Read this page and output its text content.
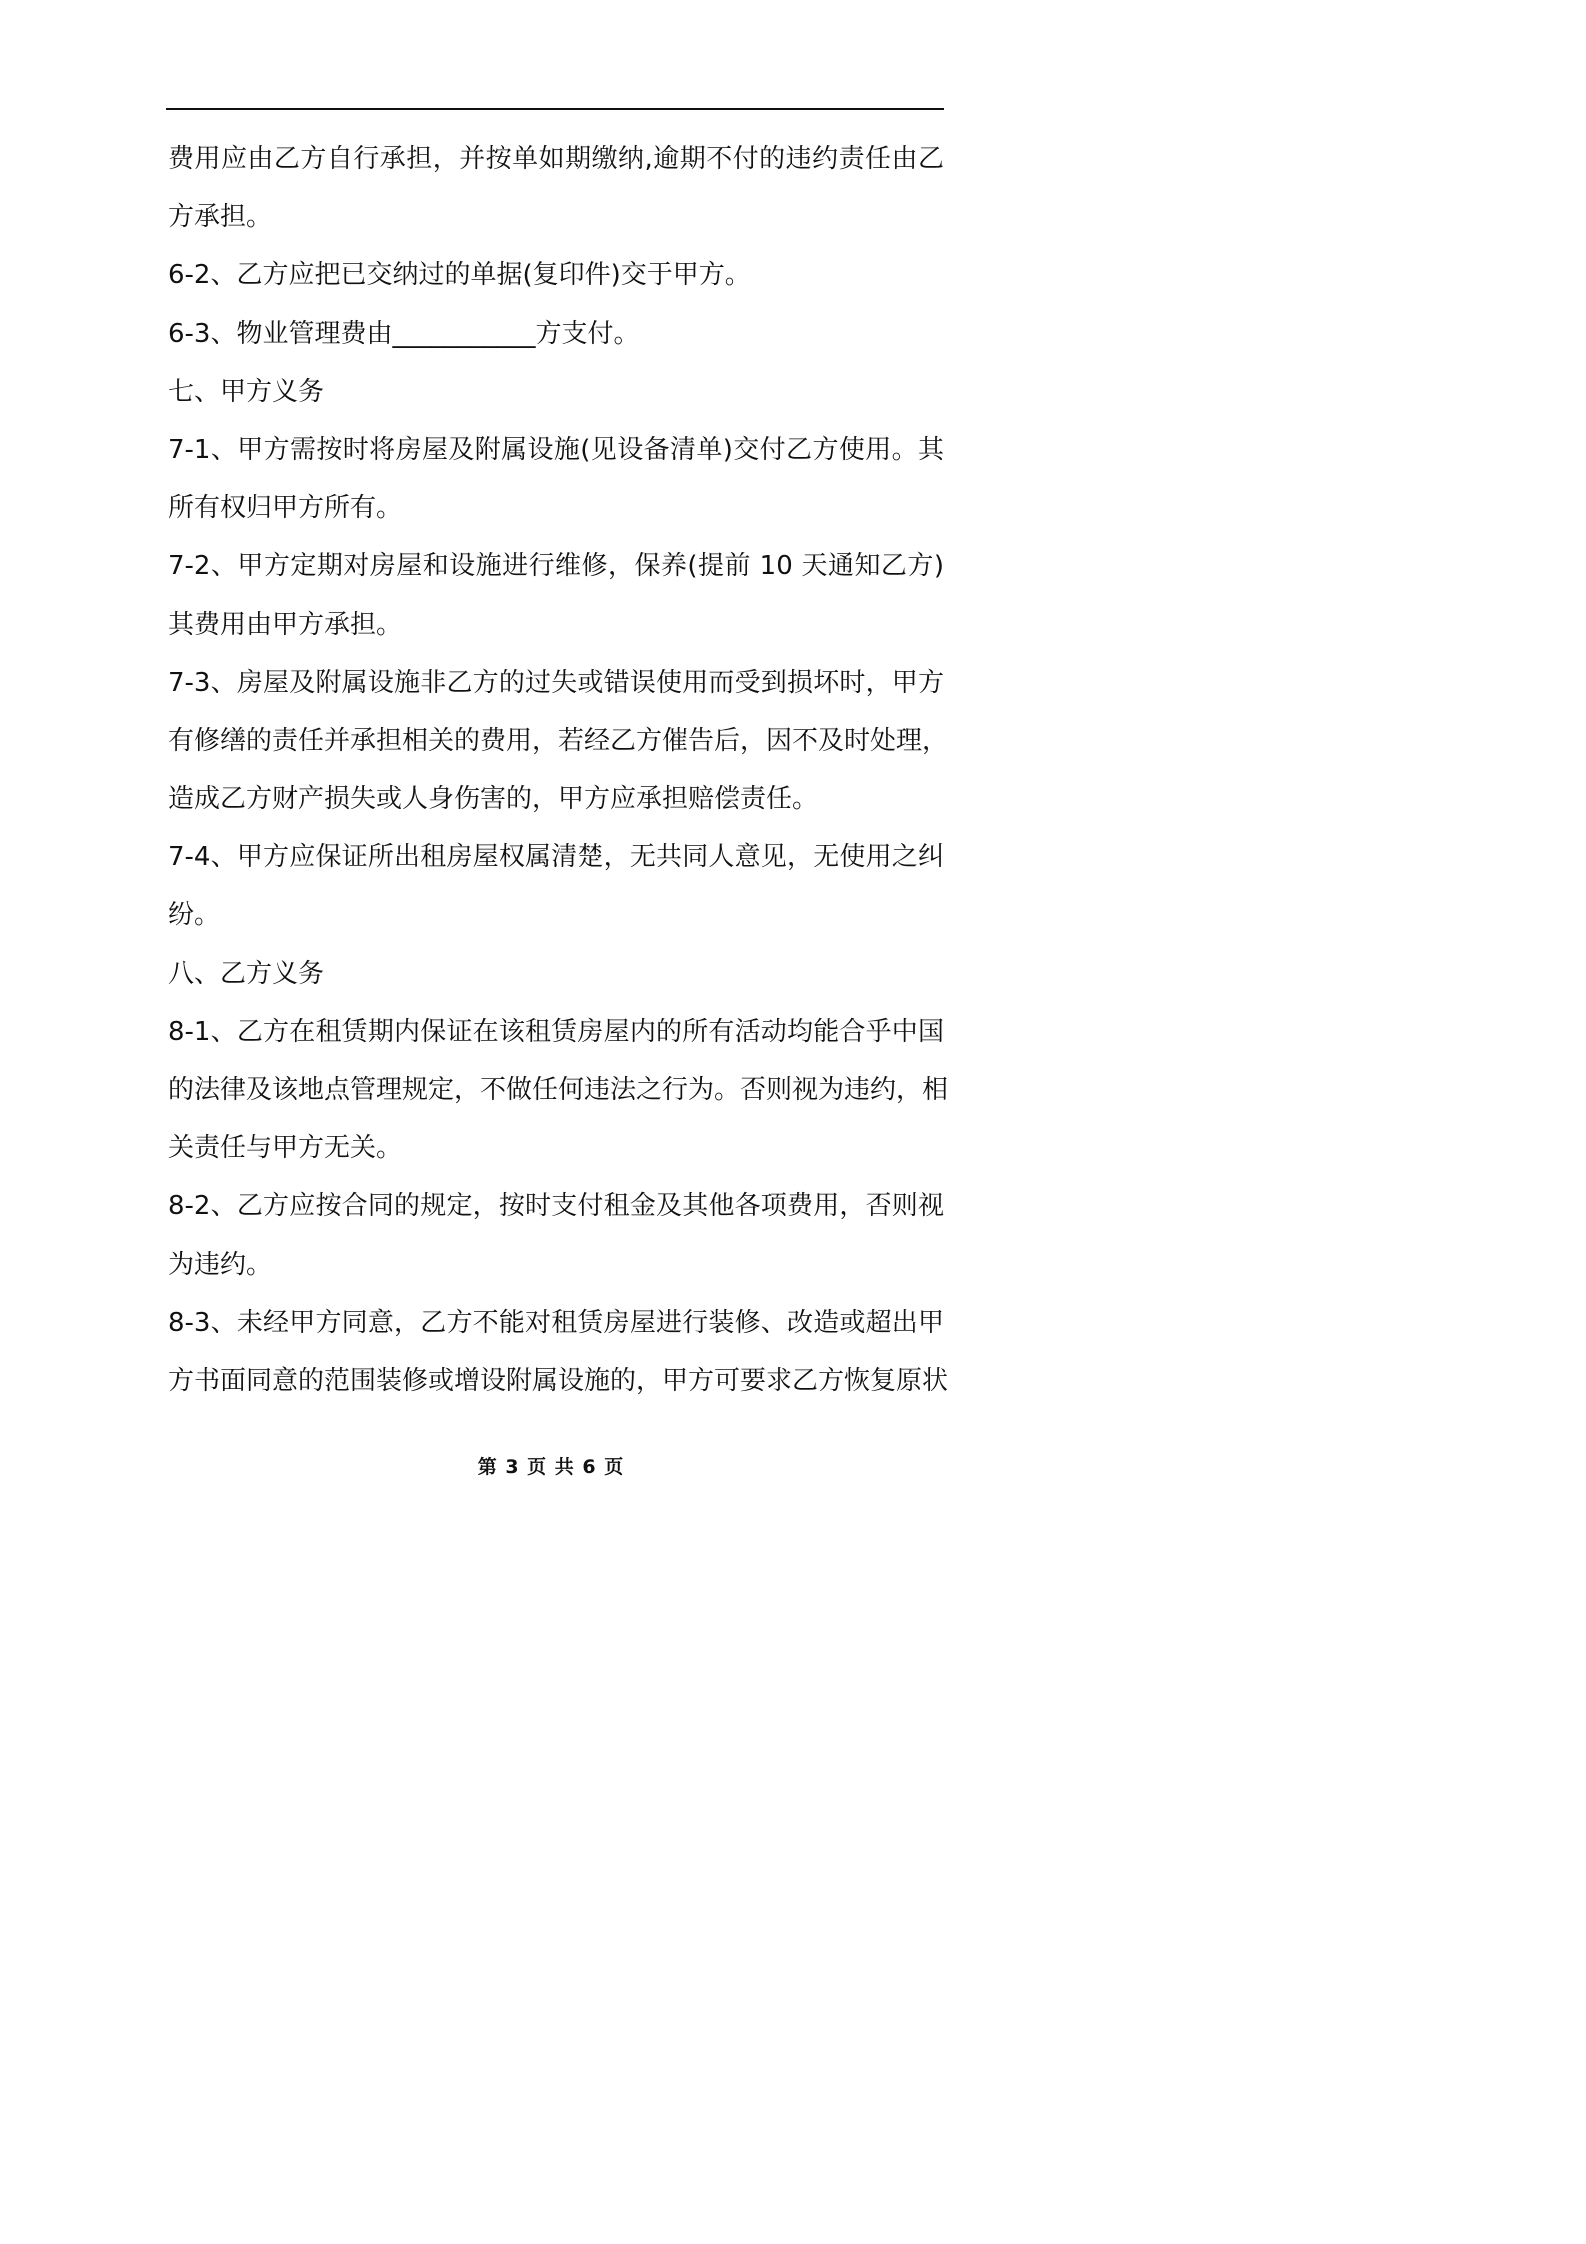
费用应由乙方自行承担，并按单如期缴纳,逾期不付的违约责任由乙
方承担。
6-2、乙方应把已交纳过的单据(复印件)交于甲方。
6-3、物业管理费由___________方支付。
七、甲方义务
7-1、甲方需按时将房屋及附属设施(见设备清单)交付乙方使用。其
所有权归甲方所有。
7-2、甲方定期对房屋和设施进行维修，保养(提前 10 天通知乙方)
其费用由甲方承担。
7-3、房屋及附属设施非乙方的过失或错误使用而受到损坏时，甲方
有修缮的责任并承担相关的费用，若经乙方催告后，因不及时处理，
造成乙方财产损失或人身伤害的，甲方应承担赔偿责任。
7-4、甲方应保证所出租房屋权属清楚，无共同人意见，无使用之纠
纷。
八、乙方义务
8-1、乙方在租赁期内保证在该租赁房屋内的所有活动均能合乎中国
的法律及该地点管理规定，不做任何违法之行为。否则视为违约，相
关责任与甲方无关。
8-2、乙方应按合同的规定，按时支付租金及其他各项费用，否则视
为违约。
8-3、未经甲方同意，乙方不能对租赁房屋进行装修、改造或超出甲
方书面同意的范围装修或增设附属设施的，甲方可要求乙方恢复原状
第 3 页 共 6 页
